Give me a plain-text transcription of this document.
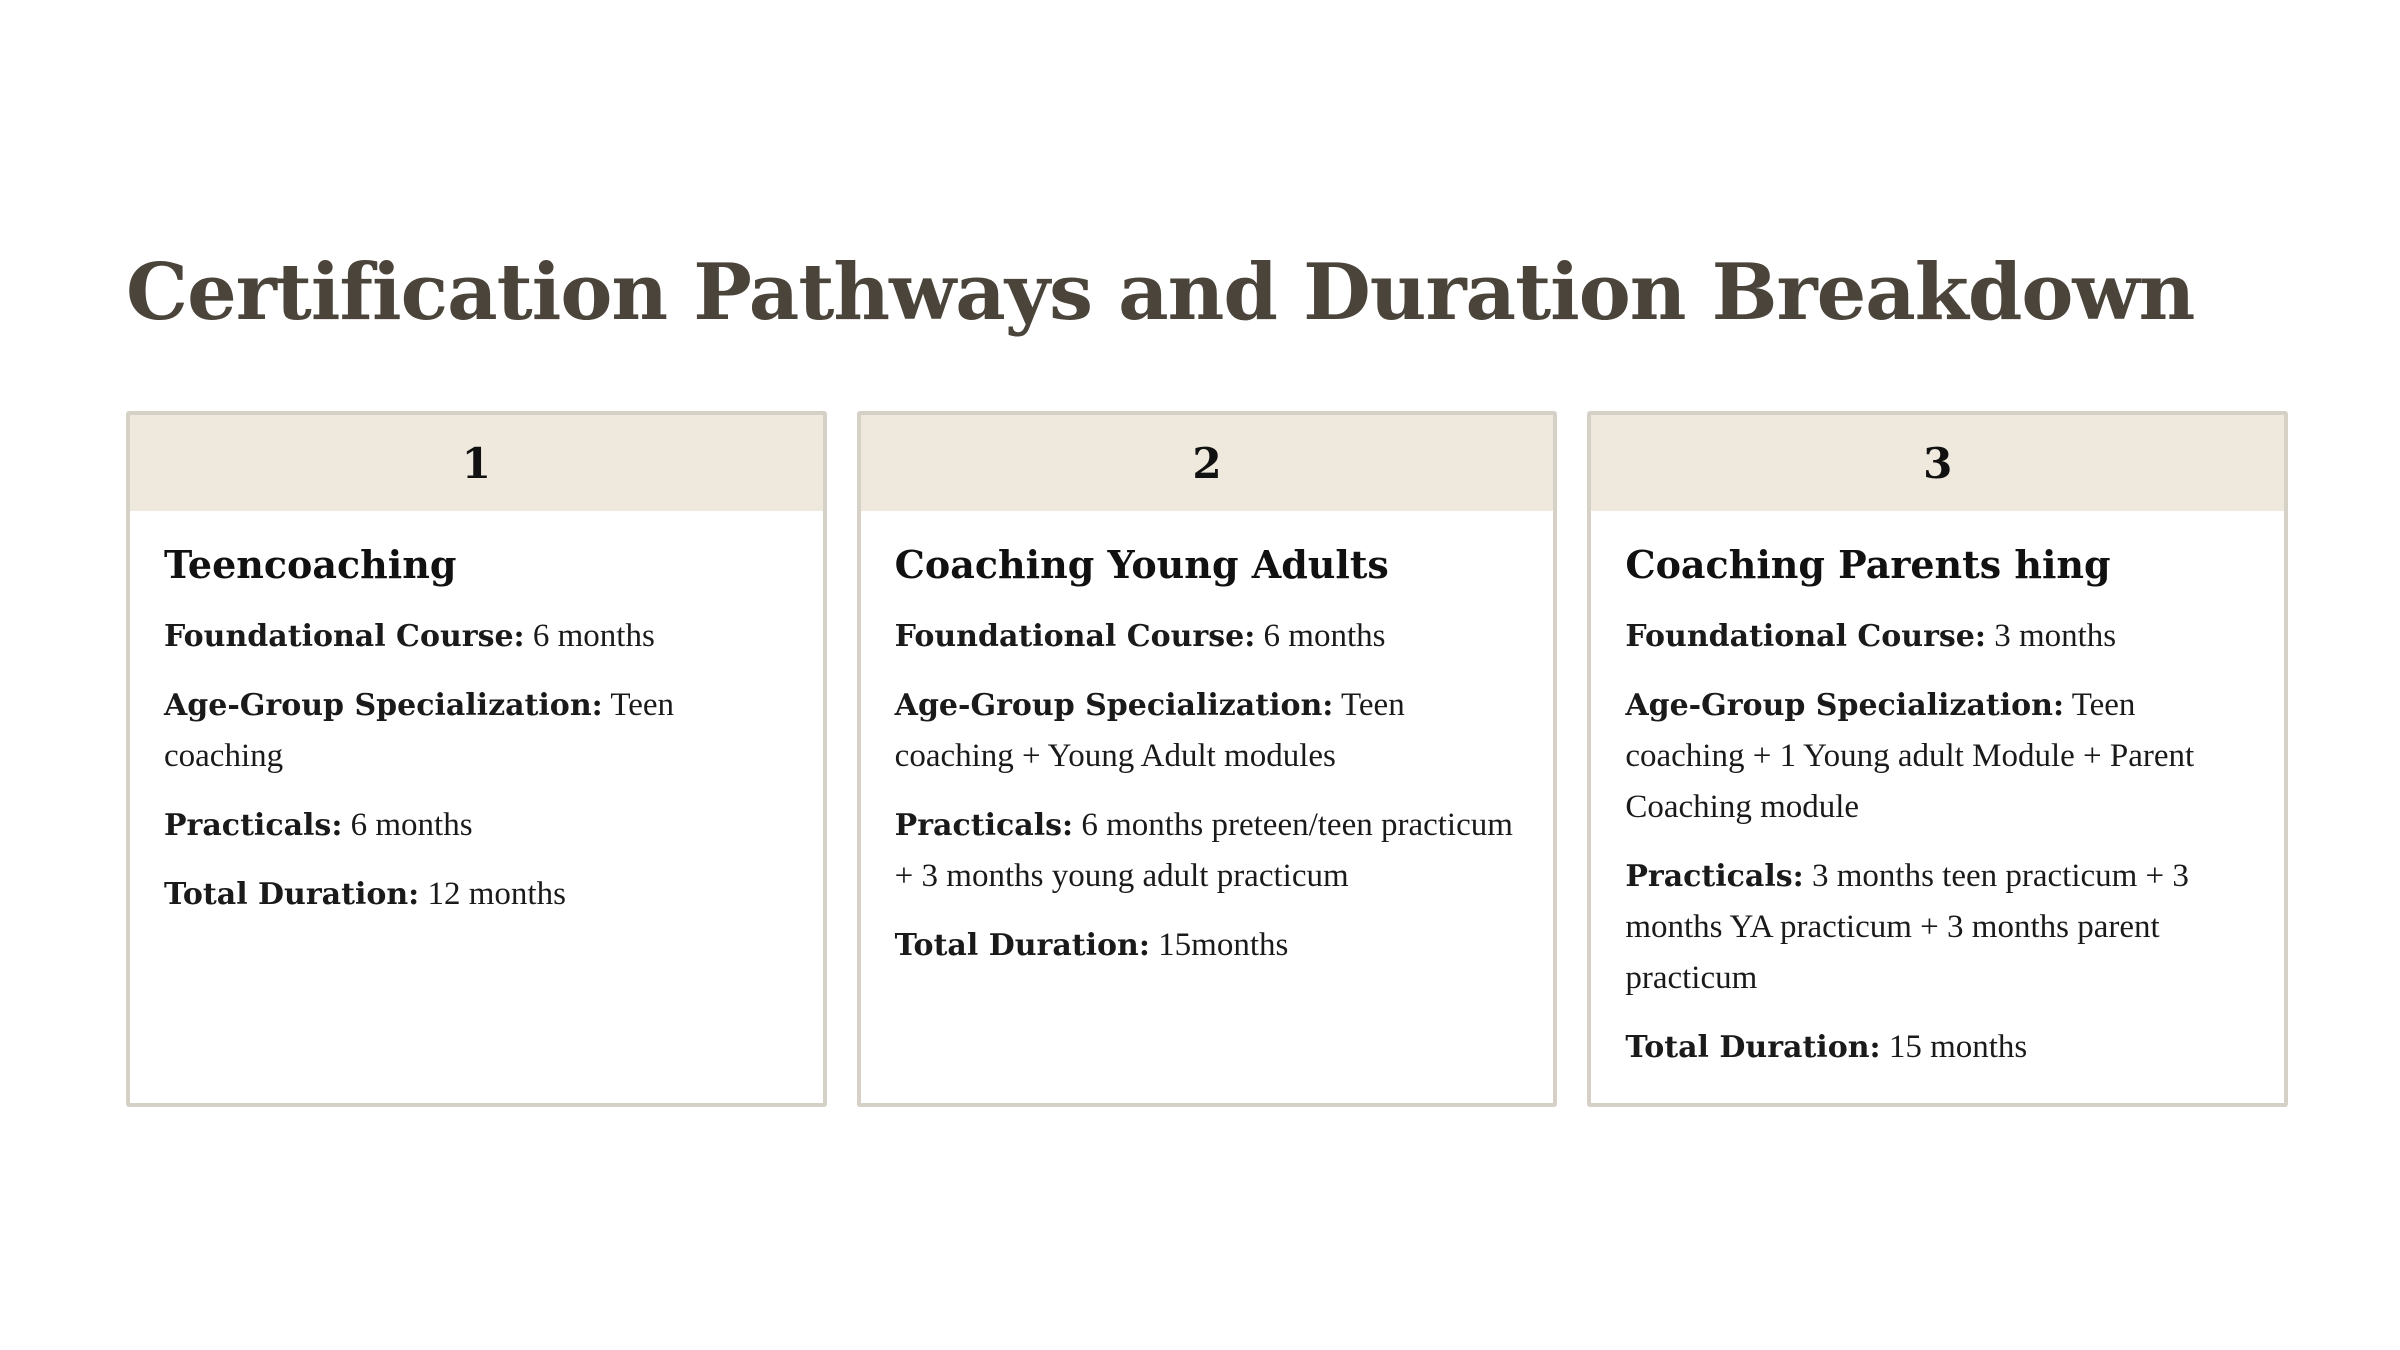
Certification Pathways and Duration Breakdown
1
Teencoaching

Foundational Course: 6 months

Age-Group Specialization: Teen coaching

Practicals: 6 months

Total Duration: 12 months

2
Coaching Young Adults

Foundational Course: 6 months

Age-Group Specialization: Teen coaching + Young Adult modules

Practicals: 6 months preteen/teen practicum + 3 months young adult practicum

Total Duration: 15months

3
Coaching Parents hing

Foundational Course: 3 months

Age-Group Specialization: Teen coaching + 1 Young adult Module + Parent Coaching module

Practicals: 3 months teen practicum + 3 months YA practicum + 3 months parent practicum

Total Duration: 15 months
